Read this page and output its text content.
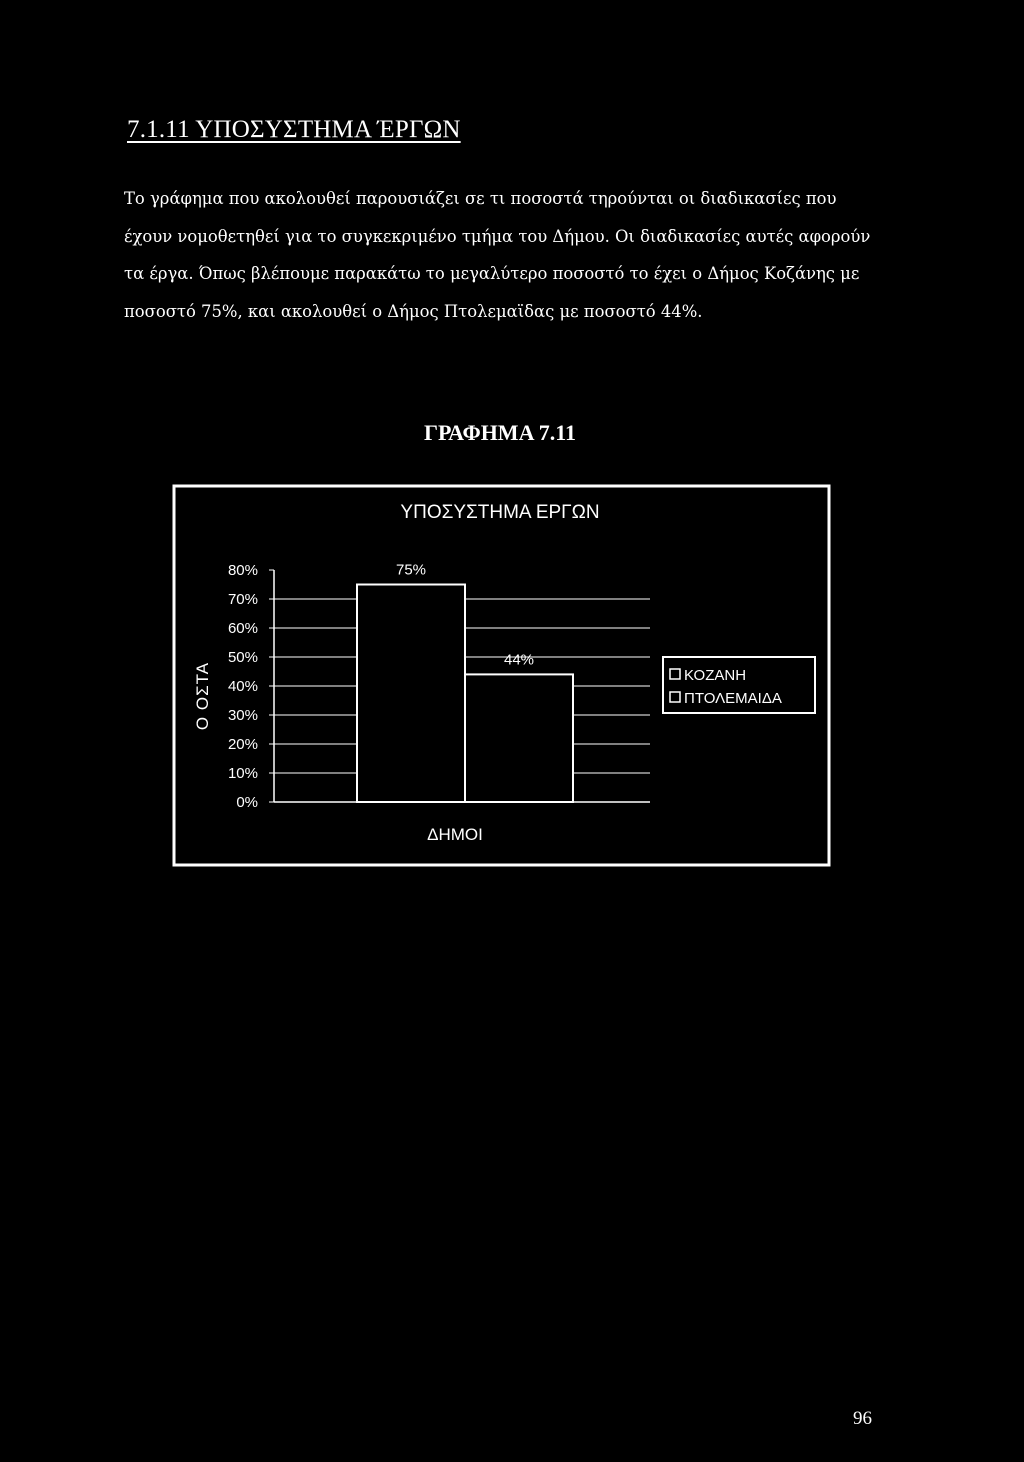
7.1.11 ΥΠΟΣΥΣΤΗΜΑ ΈΡΓΩΝ

Το γράφημα που ακολουθεί παρουσιάζει σε τι ποσοστά τηρούνται οι διαδικασίες που έχουν νομοθετηθεί για το συγκεκριμένο τμήμα του Δήμου. Οι διαδικασίες αυτές αφορούν τα έργα. Όπως βλέπουμε παρακάτω το μεγαλύτερο ποσοστό το έχει ο Δήμος Κοζάνης με ποσοστό 75%, και ακολουθεί ο Δήμος Πτολεμαϊδας με ποσοστό 44%.

ΓΡΑΦΗΜΑ 7.11
ΥΠΟΣΥΣΤΗΜΑ ΕΡΓΩΝ
0%
10%
20%
30%
40%
50%
60%
70%
80%	75%
44%
Ο ΟΣΤΑ
ΔΗΜΟΙ
ΚΟΖΑΝΗ
ΠΤΟΛΕΜΑΙΔΑ
96
